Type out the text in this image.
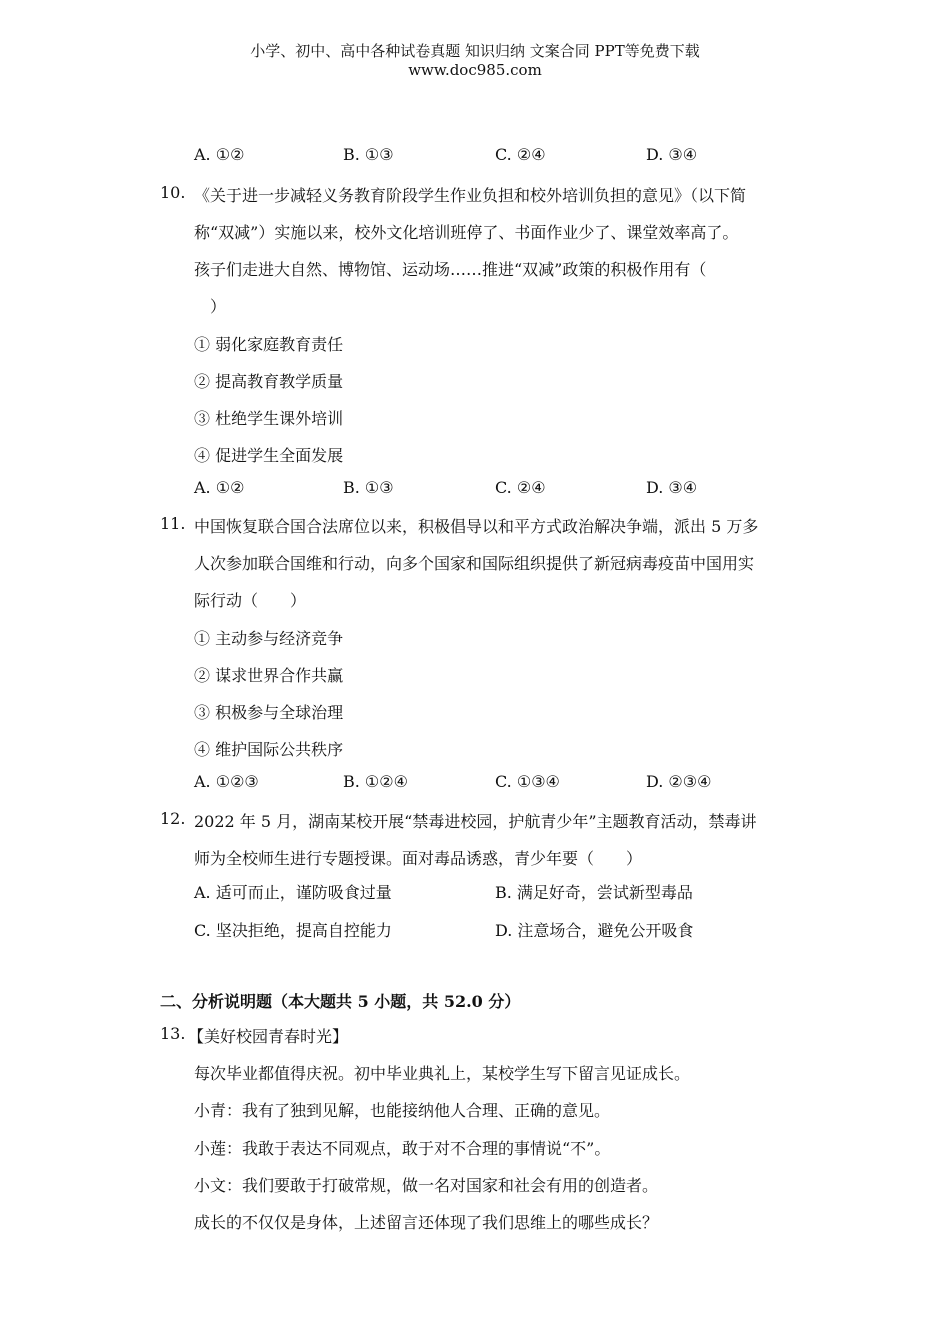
小学、初中、高中各种试卷真题 知识归纳 文案合同 PPT等免费下载
www.doc985.com
A. ①②	B. ①③	C. ②④	D. ③④
10. 《关于进一步减轻义务教育阶段学生作业负担和校外培训负担的意见》（以下简
称“双减”）实施以来，校外文化培训班停了、书面作业少了、课堂效率高了。
孩子们走进大自然、博物馆、运动场……推进“双减”政策的积极作用有（
）
① 弱化家庭教育责任
② 提高教育教学质量
③ 杜绝学生课外培训
④ 促进学生全面发展
A. ①②	B. ①③	C. ②④	D. ③④
11. 中国恢复联合国合法席位以来，积极倡导以和平方式政治解决争端，派出 5 万多
人次参加联合国维和行动，向多个国家和国际组织提供了新冠病毒疫苗中国用实
际行动（　　）
① 主动参与经济竞争
② 谋求世界合作共赢
③ 积极参与全球治理
④ 维护国际公共秩序
A. ①②③	B. ①②④	C. ①③④	D. ②③④
12. 2022 年 5 月，湖南某校开展“禁毒进校园，护航青少年”主题教育活动，禁毒讲
师为全校师生进行专题授课。面对毒品诱惑，青少年要（　　）
A. 适可而止，谨防吸食过量	B. 满足好奇，尝试新型毒品
C. 坚决拒绝，提高自控能力	D. 注意场合，避免公开吸食
二、分析说明题（本大题共 5 小题，共 52.0 分）
13. 【美好校园青春时光】
每次毕业都值得庆祝。初中毕业典礼上，某校学生写下留言见证成长。
小青：我有了独到见解，也能接纳他人合理、正确的意见。
小莲：我敢于表达不同观点，敢于对不合理的事情说“不”。
小文：我们要敢于打破常规，做一名对国家和社会有用的创造者。
成长的不仅仅是身体，上述留言还体现了我们思维上的哪些成长？
